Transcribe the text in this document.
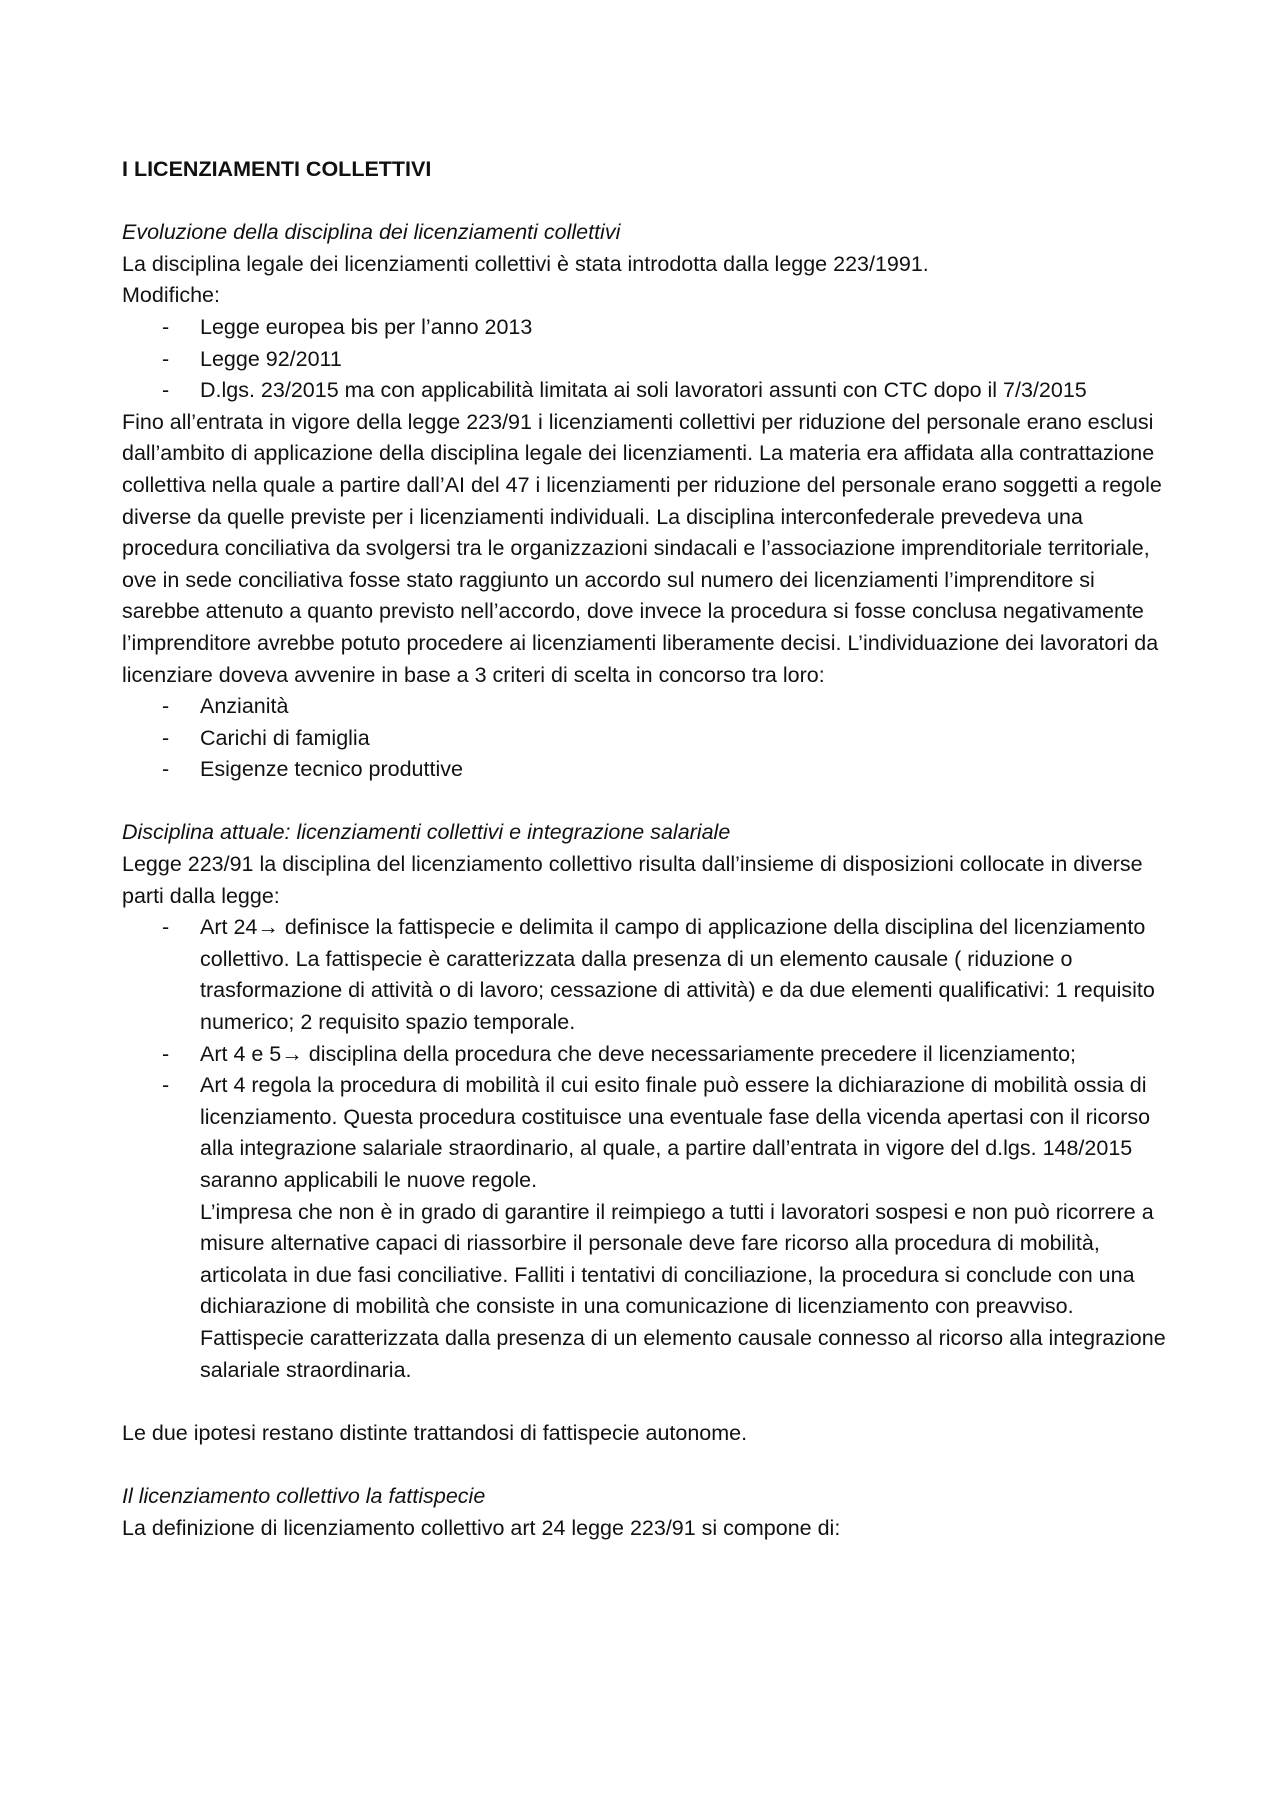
I LICENZIAMENTI COLLETTIVI

Evoluzione della disciplina dei licenziamenti collettivi

La disciplina legale dei licenziamenti collettivi è stata introdotta dalla legge 223/1991.

Modifiche:

- Legge europea bis per l’anno 2013
- Legge 92/2011
- D.lgs. 23/2015 ma con applicabilità limitata ai soli lavoratori assunti con CTC dopo il 7/3/2015

Fino all’entrata in vigore della legge 223/91 i licenziamenti collettivi per riduzione del personale erano esclusi dall’ambito di applicazione della disciplina legale dei licenziamenti. La materia era affidata alla contrattazione collettiva nella quale a partire dall’AI del 47 i licenziamenti per riduzione del personale erano soggetti a regole diverse da quelle previste per i licenziamenti individuali. La disciplina interconfederale prevedeva una procedura conciliativa da svolgersi tra le organizzazioni sindacali e l’associazione imprenditoriale territoriale, ove in sede conciliativa fosse stato raggiunto un accordo sul numero dei licenziamenti l’imprenditore si sarebbe attenuto a quanto previsto nell’accordo, dove invece la procedura si fosse conclusa negativamente l’imprenditore avrebbe potuto procedere ai licenziamenti liberamente decisi. L’individuazione dei lavoratori da licenziare doveva avvenire in base a 3 criteri di scelta in concorso tra loro:

- Anzianità
- Carichi di famiglia
- Esigenze tecnico produttive

Disciplina attuale: licenziamenti collettivi e integrazione salariale

Legge 223/91 la disciplina del licenziamento collettivo risulta dall’insieme di disposizioni collocate in diverse parti dalla legge:

- Art 24→ definisce la fattispecie e delimita il campo di applicazione della disciplina del licenziamento collettivo. La fattispecie è caratterizzata dalla presenza di un elemento causale ( riduzione o trasformazione di attività o di lavoro; cessazione di attività) e da due elementi qualificativi: 1 requisito numerico; 2 requisito spazio temporale.
- Art 4 e 5→ disciplina della procedura che deve necessariamente precedere il licenziamento;
- Art 4 regola la procedura di mobilità il cui esito finale può essere la dichiarazione di mobilità ossia di licenziamento. Questa procedura costituisce una eventuale fase della vicenda apertasi con il ricorso alla integrazione salariale straordinario, al quale, a partire dall’entrata in vigore del d.lgs. 148/2015 saranno applicabili le nuove regole.

L’impresa che non è in grado di garantire il reimpiego a tutti i lavoratori sospesi e non può ricorrere a misure alternative capaci di riassorbire il personale deve fare ricorso alla procedura di mobilità, articolata in due fasi conciliative. Falliti i tentativi di conciliazione, la procedura si conclude con una dichiarazione di mobilità che consiste in una comunicazione di licenziamento con preavviso. Fattispecie caratterizzata dalla presenza di un elemento causale connesso al ricorso alla integrazione salariale straordinaria.

Le due ipotesi restano distinte trattandosi di fattispecie autonome.

Il licenziamento collettivo la fattispecie

La definizione di licenziamento collettivo art 24 legge 223/91 si compone di:
